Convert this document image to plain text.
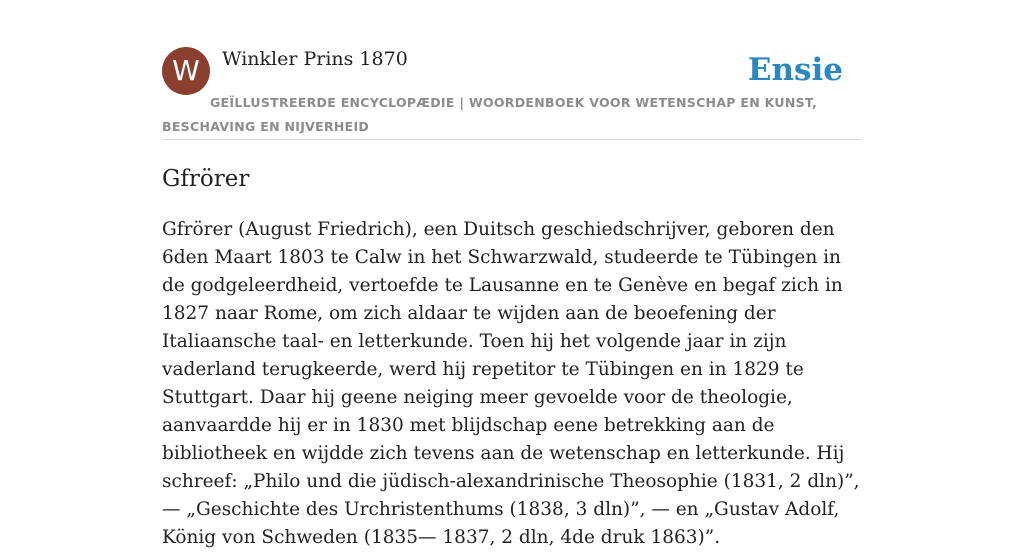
W	Winkler Prins 1870	Ensie
GEÏLLUSTREERDE ENCYCLOPÆDIE | WOORDENBOEK VOOR WETENSCHAP EN KUNST, BESCHAVING EN NIJVERHEID
Gfrörer

Gfrörer (August Friedrich), een Duitsch geschiedschrijver, geboren den 6den Maart 1803 te Calw in het Schwarzwald, studeerde te Tübingen in de godgeleerdheid, vertoefde te Lausanne en te Genève en begaf zich in 1827 naar Rome, om zich aldaar te wijden aan de beoefening der Italiaansche taal- en letterkunde. Toen hij het volgende jaar in zijn vaderland terugkeerde, werd hij repetitor te Tübingen en in 1829 te Stuttgart. Daar hij geene neiging meer gevoelde voor de theologie, aanvaardde hij er in 1830 met blijdschap eene betrekking aan de bibliotheek en wijdde zich tevens aan de wetenschap en letterkunde. Hij schreef: „Philo und die jüdisch-alexandrinische Theosophie (1831, 2 dln)”, — „Geschichte des Urchristenthums (1838, 3 dln)”, — en „Gustav Adolf, König von Schweden (1835— 1837, 2 dln, 4de druk 1863)”.
